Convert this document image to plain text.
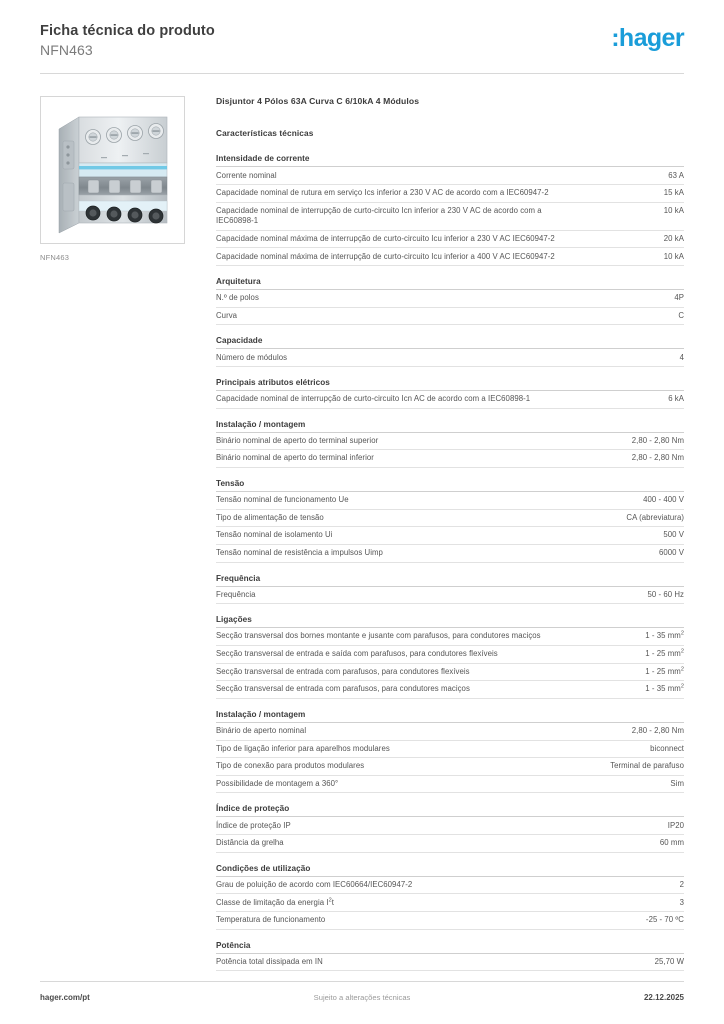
Ficha técnica do produto
NFN463	:hager
NFN463
Disjuntor 4 Pólos 63A Curva C 6/10kA 4 Módulos
Características técnicas
Intensidade de corrente
Corrente nominal	63 A
Capacidade nominal de rutura em serviço Ics inferior a 230 V AC de acordo com a IEC60947-2	15 kA
Capacidade nominal de interrupção de curto-circuito Icn inferior a 230 V AC de acordo com a IEC60898-1	10 kA
Capacidade nominal máxima de interrupção de curto-circuito Icu inferior a 230 V AC IEC60947-2	20 kA
Capacidade nominal máxima de interrupção de curto-circuito Icu inferior a 400 V AC IEC60947-2	10 kA
Arquitetura
N.º de polos	4P
Curva	C
Capacidade
Número de módulos	4
Principais atributos elétricos
Capacidade nominal de interrupção de curto-circuito Icn AC de acordo com a IEC60898-1	6 kA
Instalação / montagem
Binário nominal de aperto do terminal superior	2,80 - 2,80 Nm
Binário nominal de aperto do terminal inferior	2,80 - 2,80 Nm
Tensão
Tensão nominal de funcionamento Ue	400 - 400 V
Tipo de alimentação de tensão	CA (abreviatura)
Tensão nominal de isolamento Ui	500 V
Tensão nominal de resistência a impulsos Uimp	6000 V
Frequência
Frequência	50 - 60 Hz
Ligações
Secção transversal dos bornes montante e jusante com parafusos, para condutores maciços	1 - 35 $mm^2$
Secção transversal de entrada e saída com parafusos, para condutores flexíveis	1 - 25 $mm^2$
Secção transversal de entrada com parafusos, para condutores flexíveis	1 - 25 $mm^2$
Secção transversal de entrada com parafusos, para condutores maciços	1 - 35 $mm^2$
Instalação / montagem
Binário de aperto nominal	2,80 - 2,80 Nm
Tipo de ligação inferior para aparelhos modulares	biconnect
Tipo de conexão para produtos modulares	Terminal de parafuso
Possibilidade de montagem a 360°	Sim
Índice de proteção
Índice de proteção IP	IP20
Distância da grelha	60 mm
Condições de utilização
Grau de poluição de acordo com IEC60664/IEC60947-2	2
Classe de limitação da energia $I^2t$	3
Temperatura de funcionamento	-25 - 70 ºC
Potência
Potência total dissipada em IN	25,70 W
hager.com/pt	Sujeito a alterações técnicas	22.12.2025
